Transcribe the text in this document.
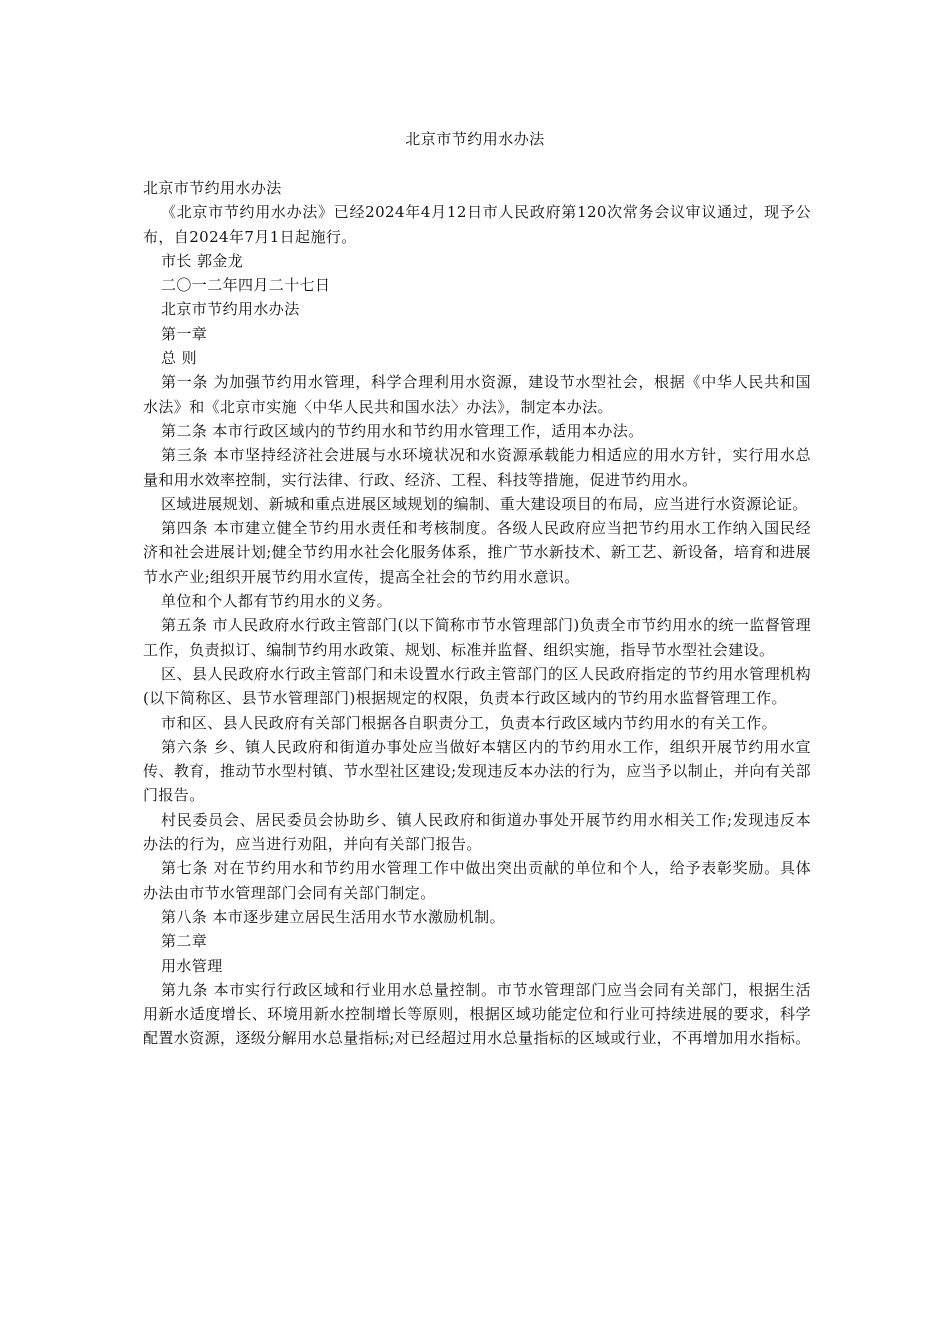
北京市节约用水办法

北京市节约用水办法

《北京市节约用水办法》已经2024年4月12日市人民政府第120次常务会议审议通过，现予公布，自2024年7月1日起施行。

市长 郭金龙

二〇一二年四月二十七日

北京市节约用水办法

第一章

总 则

第一条 为加强节约用水管理，科学合理利用水资源，建设节水型社会，根据《中华人民共和国水法》和《北京市实施〈中华人民共和国水法〉办法》，制定本办法。

第二条 本市行政区域内的节约用水和节约用水管理工作，适用本办法。

第三条 本市坚持经济社会进展与水环境状况和水资源承载能力相适应的用水方针，实行用水总量和用水效率控制，实行法律、行政、经济、工程、科技等措施，促进节约用水。

区域进展规划、新城和重点进展区域规划的编制、重大建设项目的布局，应当进行水资源论证。

第四条 本市建立健全节约用水责任和考核制度。各级人民政府应当把节约用水工作纳入国民经济和社会进展计划;健全节约用水社会化服务体系，推广节水新技术、新工艺、新设备，培育和进展节水产业;组织开展节约用水宣传，提高全社会的节约用水意识。

单位和个人都有节约用水的义务。

第五条 市人民政府水行政主管部门(以下简称市节水管理部门)负责全市节约用水的统一监督管理工作，负责拟订、编制节约用水政策、规划、标准并监督、组织实施，指导节水型社会建设。

区、县人民政府水行政主管部门和未设置水行政主管部门的区人民政府指定的节约用水管理机构(以下简称区、县节水管理部门)根据规定的权限，负责本行政区域内的节约用水监督管理工作。

市和区、县人民政府有关部门根据各自职责分工，负责本行政区域内节约用水的有关工作。

第六条 乡、镇人民政府和街道办事处应当做好本辖区内的节约用水工作，组织开展节约用水宣传、教育，推动节水型村镇、节水型社区建设;发现违反本办法的行为，应当予以制止，并向有关部门报告。

村民委员会、居民委员会协助乡、镇人民政府和街道办事处开展节约用水相关工作;发现违反本办法的行为，应当进行劝阻，并向有关部门报告。

第七条 对在节约用水和节约用水管理工作中做出突出贡献的单位和个人，给予表彰奖励。具体办法由市节水管理部门会同有关部门制定。

第八条 本市逐步建立居民生活用水节水激励机制。

第二章

用水管理

第九条 本市实行行政区域和行业用水总量控制。市节水管理部门应当会同有关部门，根据生活用新水适度增长、环境用新水控制增长等原则，根据区域功能定位和行业可持续进展的要求，科学配置水资源，逐级分解用水总量指标;对已经超过用水总量指标的区域或行业，不再增加用水指标。
